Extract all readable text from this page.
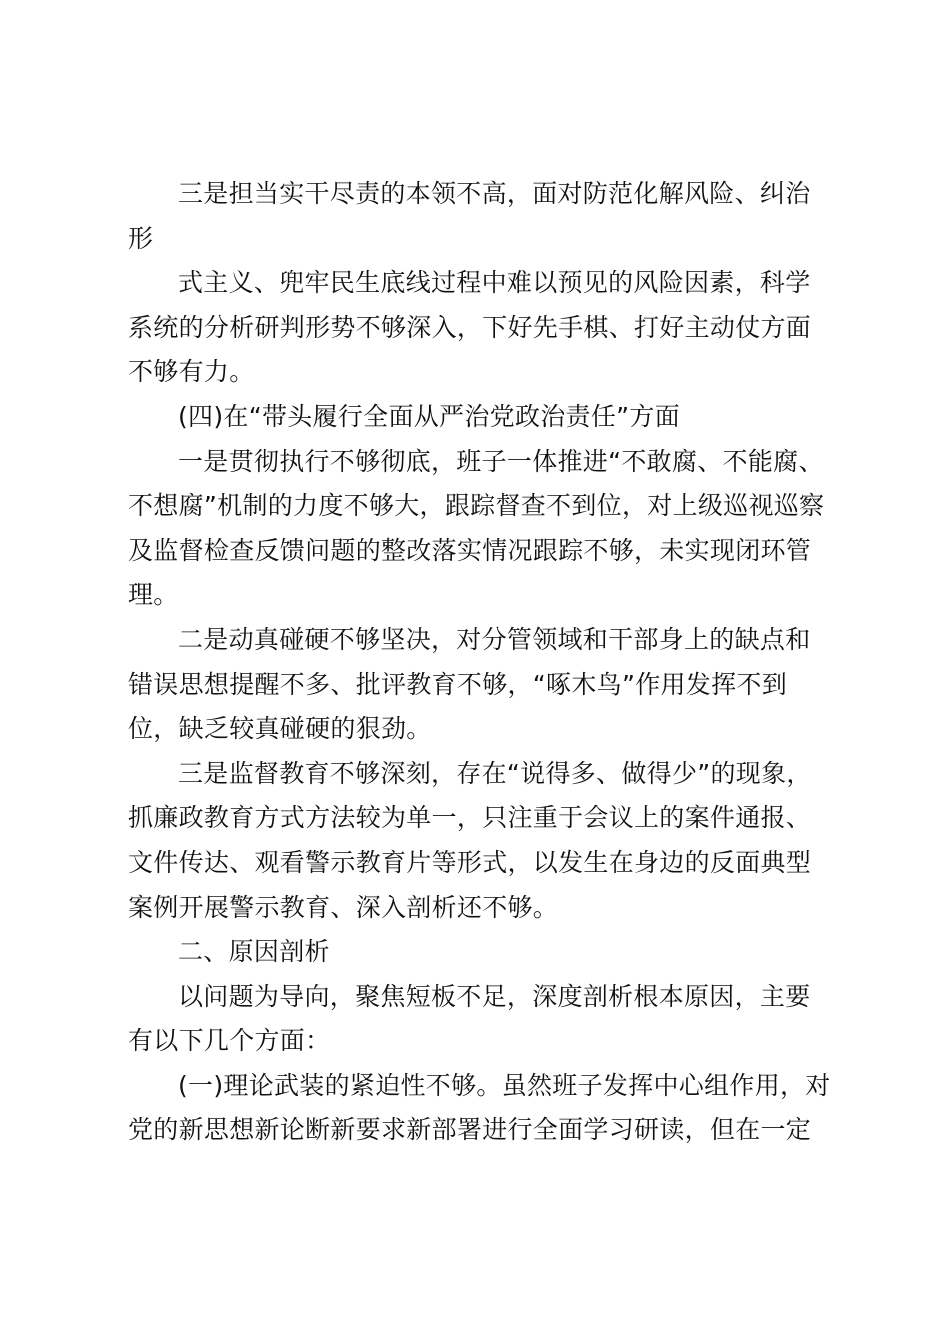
三是担当实干尽责的本领不高，面对防范化解风险、纠治
形
式主义、兜牢民生底线过程中难以预见的风险因素，科学
系统的分析研判形势不够深入，下好先手棋、打好主动仗方面
不够有力。
(四)在“带头履行全面从严治党政治责任”方面
一是贯彻执行不够彻底，班子一体推进“不敢腐、不能腐、
不想腐”机制的力度不够大，跟踪督查不到位，对上级巡视巡察
及监督检查反馈问题的整改落实情况跟踪不够，未实现闭环管
理。
二是动真碰硬不够坚决，对分管领域和干部身上的缺点和
错误思想提醒不多、批评教育不够，“啄木鸟”作用发挥不到
位，缺乏较真碰硬的狠劲。
三是监督教育不够深刻，存在“说得多、做得少”的现象，
抓廉政教育方式方法较为单一，只注重于会议上的案件通报、
文件传达、观看警示教育片等形式，以发生在身边的反面典型
案例开展警示教育、深入剖析还不够。
二、原因剖析
以问题为导向，聚焦短板不足，深度剖析根本原因，主要
有以下几个方面：
(一)理论武装的紧迫性不够。虽然班子发挥中心组作用，对
党的新思想新论断新要求新部署进行全面学习研读，但在一定
